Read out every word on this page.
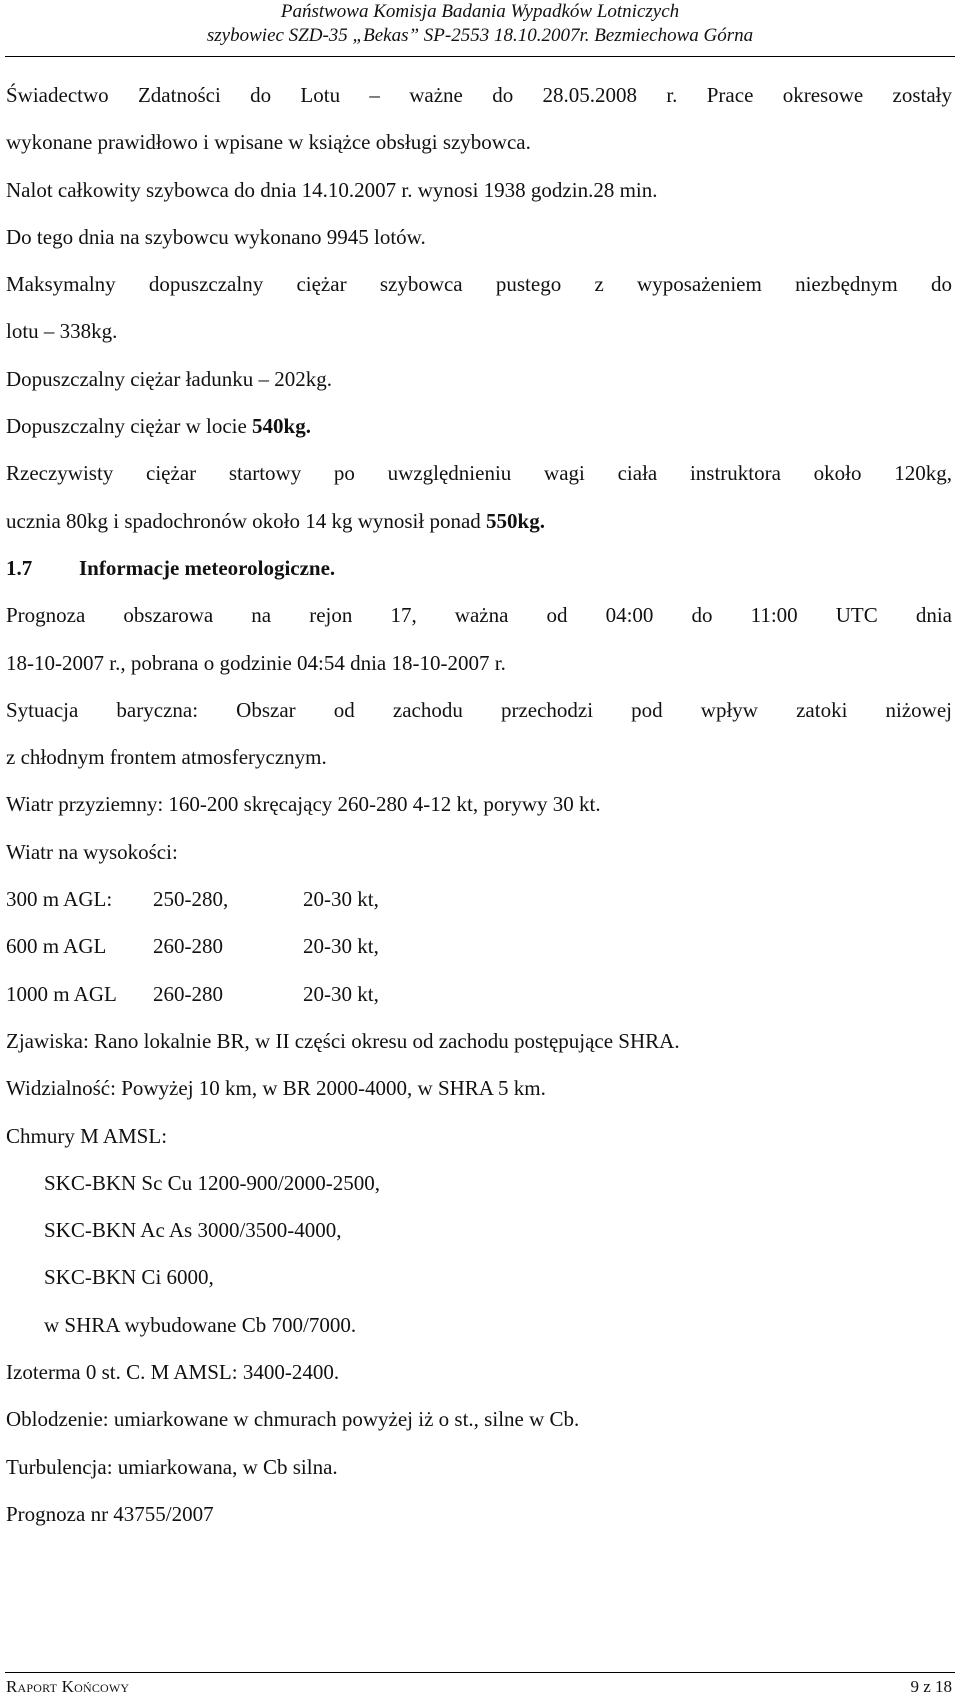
Państwowa Komisja Badania Wypadków Lotniczych
szybowiec SZD-35 „Bekas” SP-2553 18.10.2007r. Bezmiechowa Górna
Świadectwo Zdatności do Lotu – ważne do 28.05.2008 r. Prace okresowe zostały
wykonane prawidłowo i wpisane w książce obsługi szybowca.
Nalot całkowity szybowca do dnia 14.10.2007 r. wynosi 1938 godzin.28 min.
Do tego dnia na szybowcu wykonano 9945 lotów.
Maksymalny dopuszczalny ciężar szybowca pustego z wyposażeniem niezbędnym do
lotu – 338kg.
Dopuszczalny ciężar ładunku – 202kg.
Dopuszczalny ciężar w locie 540kg.
Rzeczywisty ciężar startowy po uwzględnieniu wagi ciała instruktora około 120kg,
ucznia 80kg i spadochronów około 14 kg wynosił ponad 550kg.
1.7 Informacje meteorologiczne.
Prognoza obszarowa na rejon 17, ważna od 04:00 do 11:00 UTC dnia
18-10-2007 r., pobrana o godzinie 04:54 dnia 18-10-2007 r.
Sytuacja baryczna: Obszar od zachodu przechodzi pod wpływ zatoki niżowej
z chłodnym frontem atmosferycznym.
Wiatr przyziemny: 160-200 skręcający 260-280 4-12 kt, porywy 30 kt.
Wiatr na wysokości:
300 m AGL: 250-280,	20-30 kt,
600 m AGL 260-280	20-30 kt,
1000 m AGL 260-280	20-30 kt,
Zjawiska: Rano lokalnie BR, w II części okresu od zachodu postępujące SHRA.
Widzialność: Powyżej 10 km, w BR 2000-4000, w SHRA 5 km.
Chmury M AMSL:
SKC-BKN Sc Cu 1200-900/2000-2500,
SKC-BKN Ac As 3000/3500-4000,
SKC-BKN Ci 6000,
w SHRA wybudowane Cb 700/7000.
Izoterma 0 st. C. M AMSL: 3400-2400.
Oblodzenie: umiarkowane w chmurach powyżej iż o st., silne w Cb.
Turbulencja: umiarkowana, w Cb silna.
Prognoza nr 43755/2007
Raport Końcowy	9 z 18
